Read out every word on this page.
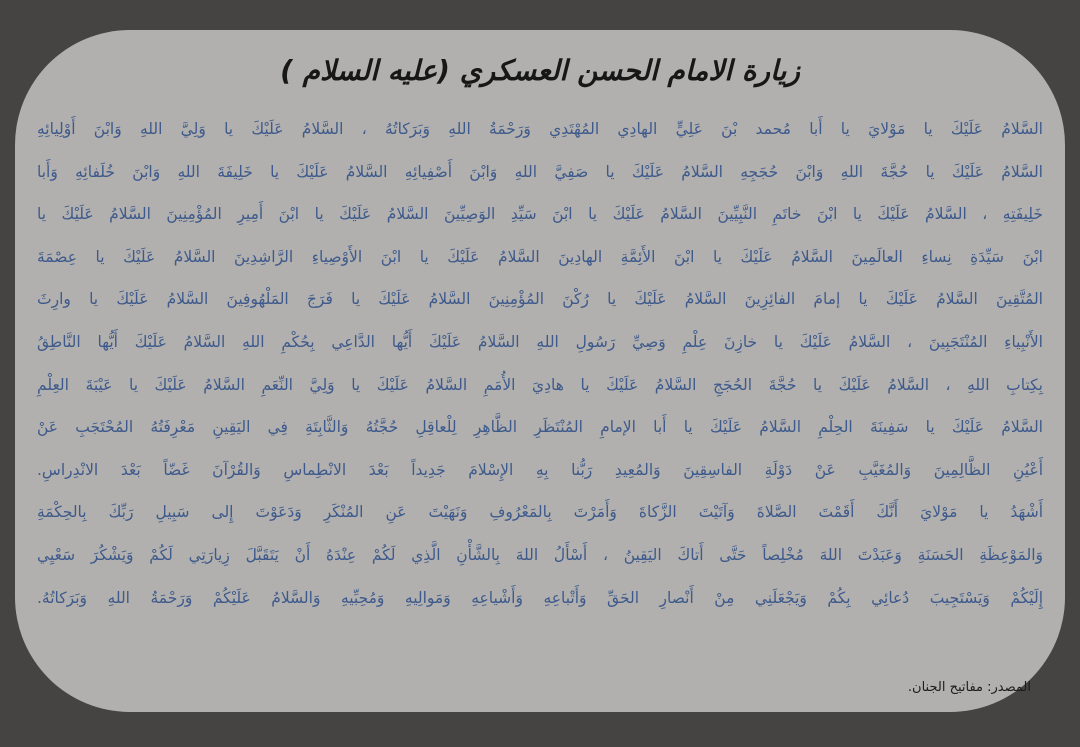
زيارة الامام الحسن العسكري (عليه السلام )

السَّلامُ عَلَيْكَ يا مَوْلايَ يا أَبا مُحمد بْنَ عَلِيٍّ الهادِي المُهْتَدِي وَرَحْمَةُ اللهِ وَبَرَكاتُهُ ، السَّلامُ عَلَيْكَ يا وَلِيَّ اللهِ وَابْنَ أَوْلِيائِهِ

السَّلامُ عَلَيْكَ يا حُجَّةَ اللهِ وَابْنَ حُجَجِهِ السَّلامُ عَلَيْكَ يا صَفِيَّ اللهِ وَابْنَ أَصْفِيائِهِ السَّلامُ عَلَيْكَ يا خَلِيفَةَ اللهِ وَابْنَ خُلَفائِهِ وَأَبا

خَلِيفَتِهِ ، السَّلامُ عَلَيْكَ يا ابْنَ خاتَمِ النَّبِيِّينَ السَّلامُ عَلَيْكَ يا ابْنَ سَيِّدِ الوَصِيِّينَ السَّلامُ عَلَيْكَ يا ابْنَ أَمِيرِ المُؤْمِنِينَ السَّلامُ عَلَيْكَ يا

ابْنَ سَيِّدَةِ نِساءِ العالَمِينَ السَّلامُ عَلَيْكَ يا ابْنَ الأَئِمَّةِ الهادِينَ السَّلامُ عَلَيْكَ يا ابْنَ الأَوْصِياءِ الرَّاشِدِينَ السَّلامُ عَلَيْكَ يا عِصْمَةَ

المُتَّقِينَ السَّلامُ عَلَيْكَ يا إمامَ الفائِزِينَ السَّلامُ عَلَيْكَ يا رُكْنَ المُؤْمِنِينَ السَّلامُ عَلَيْكَ يا فَرَجَ المَلْهُوفِينَ السَّلامُ عَلَيْكَ يا وارِثَ

الأَنْبِياءِ المُنْتَجَبِينَ ، السَّلامُ عَلَيْكَ يا خازِنَ عِلْمِ وَصِيِّ رَسُولِ اللهِ السَّلامُ عَلَيْكَ أَيُّها الدَّاعِي بِحُكْمِ اللهِ السَّلامُ عَلَيْكَ أَيُّها النَّاطِقُ

بِكِتابِ اللهِ ، السَّلامُ عَلَيْكَ يا حُجَّةَ الحُجَجِ السَّلامُ عَلَيْكَ يا هادِيَ الأُمَمِ السَّلامُ عَلَيْكَ يا وَلِيَّ النِّعَمِ السَّلامُ عَلَيْكَ يا عَيْبَةَ العِلْمِ

السَّلامُ عَلَيْكَ يا سَفِينَةَ الحِلْمِ السَّلامُ عَلَيْكَ يا أَبا الإمامِ المُنْتَظَرِ الظَّاهِرِ لِلْعاقِلِ حُجَّتُهُ وَالثَّابِتَةِ فِي اليَقِينِ مَعْرِفَتُهُ المُحْتَجَبِ عَنْ

أَعْيُنِ الظَّالِمِينَ وَالمُغَيَّبِ عَنْ دَوْلَةِ الفاسِقِينَ وَالمُعِيدِ رَبُّنا بِهِ الإِسْلامَ جَدِيداً بَعْدَ الانْطِماسِ وَالقُرْآنَ غَضّاً بَعْدَ الانْدِراسِ.

أَشْهَدُ يا مَوْلايَ أَنَّكَ أَقَمْتَ الصَّلاةَ وَآتَيْتَ الزَّكاةَ وَأَمَرْتَ بِالمَعْرُوفِ وَنَهَيْتَ عَنِ المُنْكَرِ وَدَعَوْتَ إِلى سَبِيلِ رَبِّكَ بِالحِكْمَةِ

وَالمَوْعِظَةِ الحَسَنَةِ وَعَبَدْتَ اللهَ مُخْلِصاً حَتَّى أَتاكَ اليَقِينُ ، أَسْأَلُ اللهَ بِالشَّأْنِ الَّذِي لَكُمْ عِنْدَهُ أَنْ يَتَقَبَّلَ زِيارَتِي لَكُمْ وَيَشْكُرَ سَعْيِي

إِلَيْكُمْ وَيَسْتَجِيبَ دُعائِي بِكُمْ وَيَجْعَلَنِي مِنْ أَنْصارِ الحَقِّ وَأَتْباعِهِ وَأَشْياعِهِ وَمَوالِيهِ وَمُحِبِّيهِ وَالسَّلامُ عَلَيْكُمْ وَرَحْمَةُ اللهِ وَبَرَكاتُهُ.

المصدر: مفاتيح الجنان.
